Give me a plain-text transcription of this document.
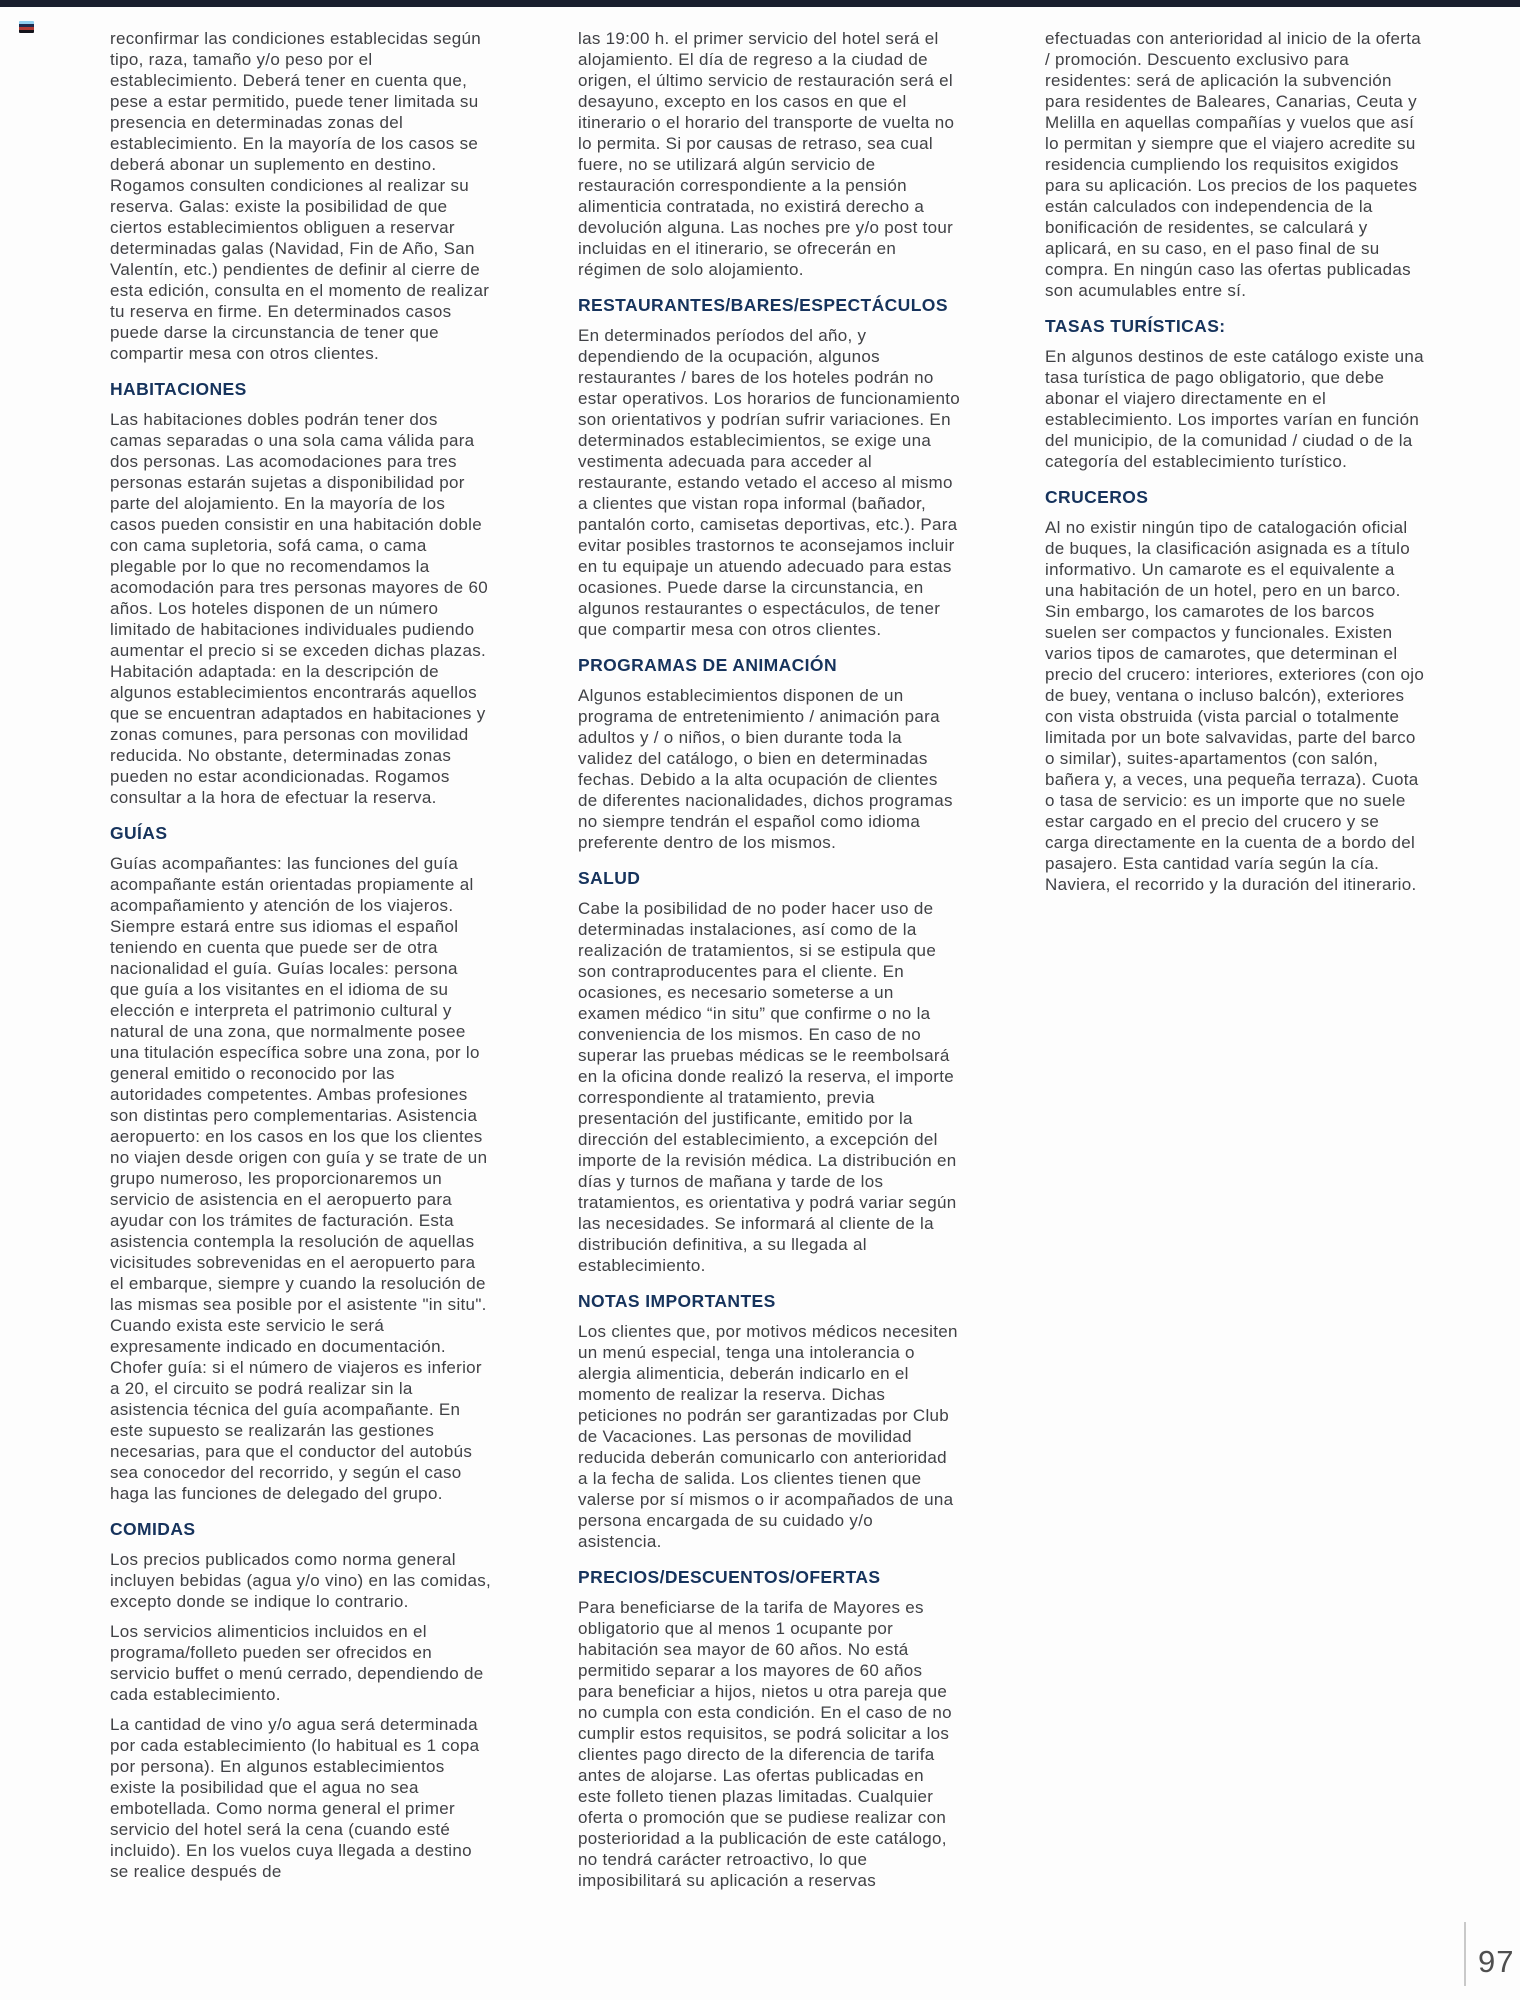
reconfirmar las condiciones establecidas según tipo, raza, tamaño y/o peso por el establecimiento. Deberá tener en cuenta que, pese a estar permitido, puede tener limitada su presencia en determinadas zonas del establecimiento. En la mayoría de los casos se deberá abonar un suplemento en destino. Rogamos consulten condiciones al realizar su reserva. Galas: existe la posibilidad de que ciertos establecimientos obliguen a reservar determinadas galas (Navidad, Fin de Año, San Valentín, etc.) pendientes de definir al cierre de esta edición, consulta en el momento de realizar tu reserva en firme. En determinados casos puede darse la circunstancia de tener que compartir mesa con otros clientes.

HABITACIONES

Las habitaciones dobles podrán tener dos camas separadas o una sola cama válida para dos personas. Las acomodaciones para tres personas estarán sujetas a disponibilidad por parte del alojamiento. En la mayoría de los casos pueden consistir en una habitación doble con cama supletoria, sofá cama, o cama plegable por lo que no recomendamos la acomodación para tres personas mayores de 60 años. Los hoteles disponen de un número limitado de habitaciones individuales pudiendo aumentar el precio si se exceden dichas plazas. Habitación adaptada: en la descripción de algunos establecimientos encontrarás aquellos que se encuentran adaptados en habitaciones y zonas comunes, para personas con movilidad reducida. No obstante, determinadas zonas pueden no estar acondicionadas. Rogamos consultar a la hora de efectuar la reserva.

GUÍAS

Guías acompañantes: las funciones del guía acompañante están orientadas propiamente al acompañamiento y atención de los viajeros. Siempre estará entre sus idiomas el español teniendo en cuenta que puede ser de otra nacionalidad el guía. Guías locales: persona que guía a los visitantes en el idioma de su elección e interpreta el patrimonio cultural y natural de una zona, que normalmente posee una titulación específica sobre una zona, por lo general emitido o reconocido por las autoridades competentes. Ambas profesiones son distintas pero complementarias. Asistencia aeropuerto: en los casos en los que los clientes no viajen desde origen con guía y se trate de un grupo numeroso, les proporcionaremos un servicio de asistencia en el aeropuerto para ayudar con los trámites de facturación. Esta asistencia contempla la resolución de aquellas vicisitudes sobrevenidas en el aeropuerto para el embarque, siempre y cuando la resolución de las mismas sea posible por el asistente "in situ". Cuando exista este servicio le será expresamente indicado en documentación. Chofer guía: si el número de viajeros es inferior a 20, el circuito se podrá realizar sin la asistencia técnica del guía acompañante. En este supuesto se realizarán las gestiones necesarias, para que el conductor del autobús sea conocedor del recorrido, y según el caso haga las funciones de delegado del grupo.

COMIDAS

Los precios publicados como norma general incluyen bebidas (agua y/o vino) en las comidas, excepto donde se indique lo contrario.

Los servicios alimenticios incluidos en el programa/folleto pueden ser ofrecidos en servicio buffet o menú cerrado, dependiendo de cada establecimiento.

La cantidad de vino y/o agua será determinada por cada establecimiento (lo habitual es 1 copa por persona). En algunos establecimientos existe la posibilidad que el agua no sea embotellada. Como norma general el primer servicio del hotel será la cena (cuando esté incluido). En los vuelos cuya llegada a destino se realice después de

las 19:00 h. el primer servicio del hotel será el alojamiento. El día de regreso a la ciudad de origen, el último servicio de restauración será el desayuno, excepto en los casos en que el itinerario o el horario del transporte de vuelta no lo permita. Si por causas de retraso, sea cual fuere, no se utilizará algún servicio de restauración correspondiente a la pensión alimenticia contratada, no existirá derecho a devolución alguna. Las noches pre y/o post tour incluidas en el itinerario, se ofrecerán en régimen de solo alojamiento.

RESTAURANTES/BARES/ESPECTÁCULOS

En determinados períodos del año, y dependiendo de la ocupación, algunos restaurantes / bares de los hoteles podrán no estar operativos. Los horarios de funcionamiento son orientativos y podrían sufrir variaciones. En determinados establecimientos, se exige una vestimenta adecuada para acceder al restaurante, estando vetado el acceso al mismo a clientes que vistan ropa informal (bañador, pantalón corto, camisetas deportivas, etc.). Para evitar posibles trastornos te aconsejamos incluir en tu equipaje un atuendo adecuado para estas ocasiones. Puede darse la circunstancia, en algunos restaurantes o espectáculos, de tener que compartir mesa con otros clientes.

PROGRAMAS DE ANIMACIÓN

Algunos establecimientos disponen de un programa de entretenimiento / animación para adultos y / o niños, o bien durante toda la validez del catálogo, o bien en determinadas fechas. Debido a la alta ocupación de clientes de diferentes nacionalidades, dichos programas no siempre tendrán el español como idioma preferente dentro de los mismos.

SALUD

Cabe la posibilidad de no poder hacer uso de determinadas instalaciones, así como de la realización de tratamientos, si se estipula que son contraproducentes para el cliente. En ocasiones, es necesario someterse a un examen médico “in situ” que confirme o no la conveniencia de los mismos. En caso de no superar las pruebas médicas se le reembolsará en la oficina donde realizó la reserva, el importe correspondiente al tratamiento, previa presentación del justificante, emitido por la dirección del establecimiento, a excepción del importe de la revisión médica. La distribución en días y turnos de mañana y tarde de los tratamientos, es orientativa y podrá variar según las necesidades. Se informará al cliente de la distribución definitiva, a su llegada al establecimiento.

NOTAS IMPORTANTES

Los clientes que, por motivos médicos necesiten un menú especial, tenga una intolerancia o alergia alimenticia, deberán indicarlo en el momento de realizar la reserva. Dichas peticiones no podrán ser garantizadas por Club de Vacaciones. Las personas de movilidad reducida deberán comunicarlo con anterioridad a la fecha de salida. Los clientes tienen que valerse por sí mismos o ir acompañados de una persona encargada de su cuidado y/o asistencia.

PRECIOS/DESCUENTOS/OFERTAS

Para beneficiarse de la tarifa de Mayores es obligatorio que al menos 1 ocupante por habitación sea mayor de 60 años. No está permitido separar a los mayores de 60 años para beneficiar a hijos, nietos u otra pareja que no cumpla con esta condición. En el caso de no cumplir estos requisitos, se podrá solicitar a los clientes pago directo de la diferencia de tarifa antes de alojarse. Las ofertas publicadas en este folleto tienen plazas limitadas. Cualquier oferta o promoción que se pudiese realizar con posterioridad a la publicación de este catálogo, no tendrá carácter retroactivo, lo que imposibilitará su aplicación a reservas

efectuadas con anterioridad al inicio de la oferta / promoción. Descuento exclusivo para residentes: será de aplicación la subvención para residentes de Baleares, Canarias, Ceuta y Melilla en aquellas compañías y vuelos que así lo permitan y siempre que el viajero acredite su residencia cumpliendo los requisitos exigidos para su aplicación. Los precios de los paquetes están calculados con independencia de la bonificación de residentes, se calculará y aplicará, en su caso, en el paso final de su compra. En ningún caso las ofertas publicadas son acumulables entre sí.

TASAS TURÍSTICAS:

En algunos destinos de este catálogo existe una tasa turística de pago obligatorio, que debe abonar el viajero directamente en el establecimiento. Los importes varían en función del municipio, de la comunidad / ciudad o de la categoría del establecimiento turístico.

CRUCEROS

Al no existir ningún tipo de catalogación oficial de buques, la clasificación asignada es a título informativo. Un camarote es el equivalente a una habitación de un hotel, pero en un barco. Sin embargo, los camarotes de los barcos suelen ser compactos y funcionales. Existen varios tipos de camarotes, que determinan el precio del crucero: interiores, exteriores (con ojo de buey, ventana o incluso balcón), exteriores con vista obstruida (vista parcial o totalmente limitada por un bote salvavidas, parte del barco o similar), suites-apartamentos (con salón, bañera y, a veces, una pequeña terraza). Cuota o tasa de servicio: es un importe que no suele estar cargado en el precio del crucero y se carga directamente en la cuenta de a bordo del pasajero. Esta cantidad varía según la cía. Naviera, el recorrido y la duración del itinerario.

97
